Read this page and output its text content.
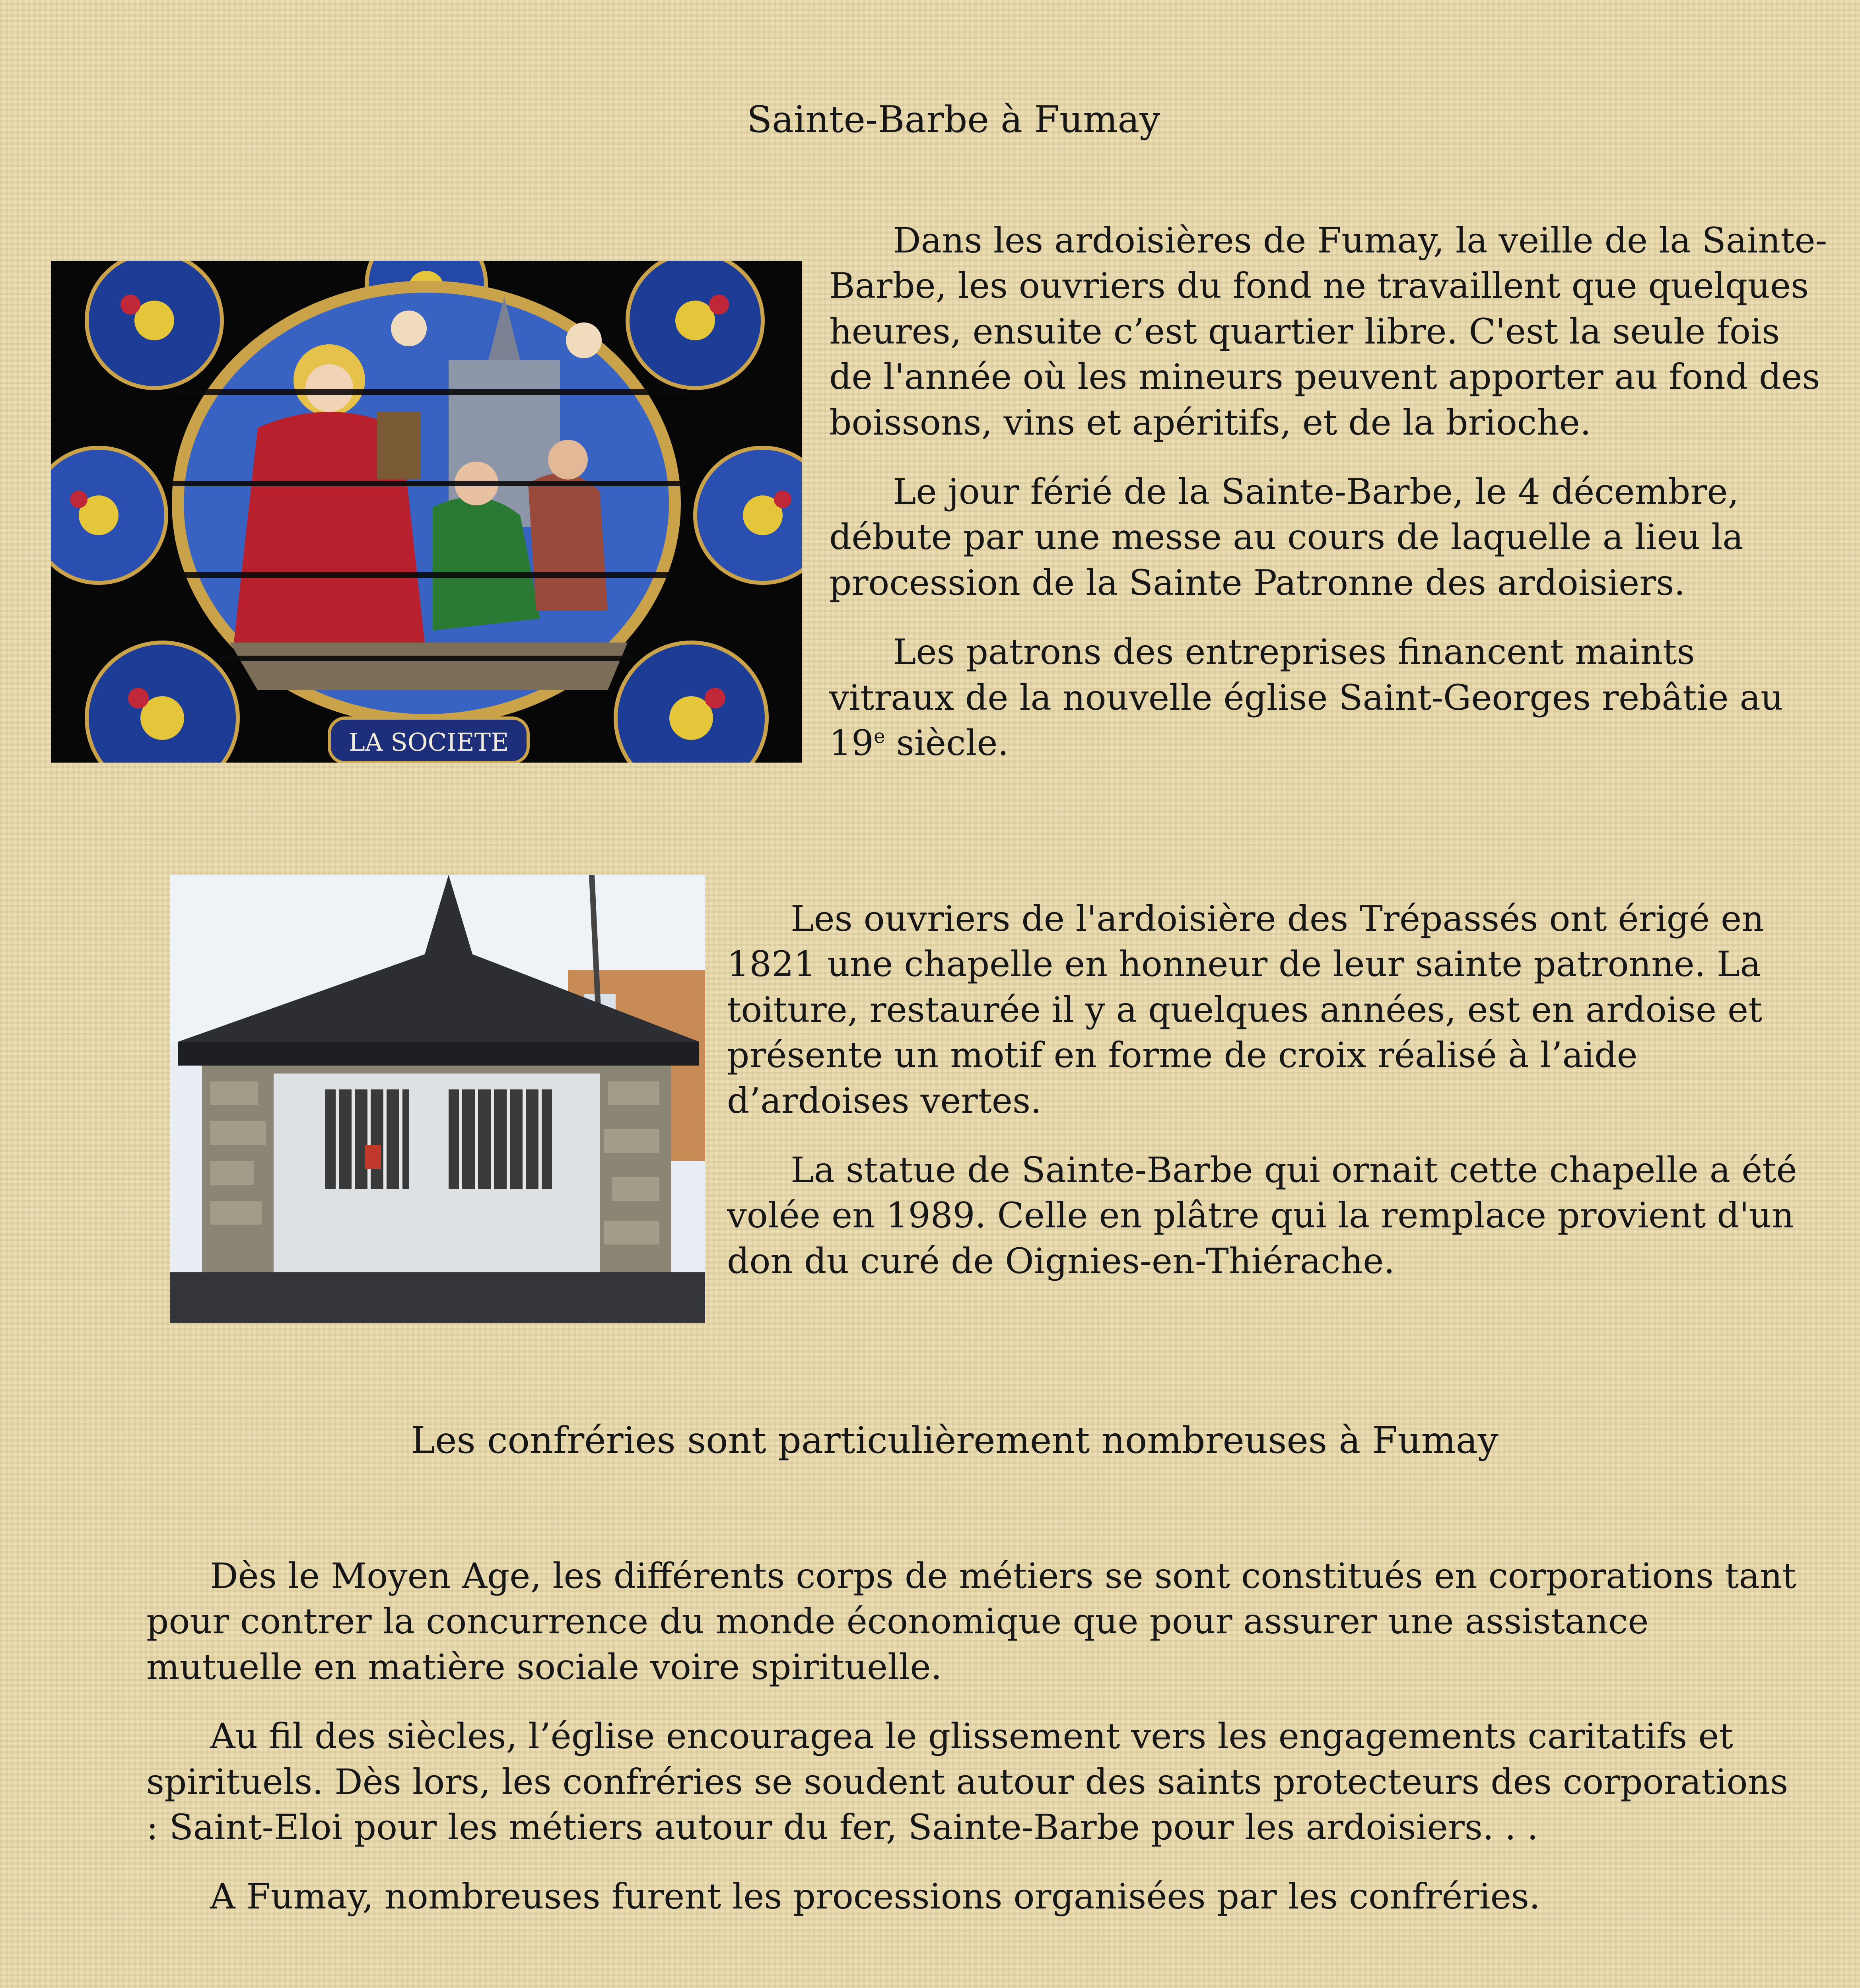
Sainte-Barbe à Fumay
LA SOCIETE

Dans les ardoisières de Fumay, la veille de la Sainte-Barbe, les ouvriers du fond ne travaillent que quelques heures, ensuite c’est quartier libre. C'est la seule fois de l'année où les mineurs peuvent apporter au fond des boissons, vins et apéritifs, et de la brioche.

Le jour férié de la Sainte-Barbe, le 4 décembre, débute par une messe au cours de laquelle a lieu la procession de la Sainte Patronne des ardoisiers.

Les patrons des entreprises financent maints vitraux de la nouvelle église Saint-Georges rebâtie au 19e siècle.

Les ouvriers de l'ardoisière des Trépassés ont érigé en 1821 une chapelle en honneur de leur sainte patronne. La toiture, restaurée il y a quelques années, est en ardoise et présente un motif en forme de croix réalisé à l’aide d’ardoises vertes.

La statue de Sainte-Barbe qui ornait cette chapelle a été volée en 1989. Celle en plâtre qui la remplace provient d'un don du curé de Oignies-en-Thiérache.

Les confréries sont particulièrement nombreuses à Fumay

Dès le Moyen Age, les différents corps de métiers se sont constitués en corporations tant pour contrer la concurrence du monde économique que pour assurer une assistance mutuelle en matière sociale voire spirituelle.

Au fil des siècles, l’église encouragea le glissement vers les engagements caritatifs et spirituels. Dès lors, les confréries se soudent autour des saints protecteurs des corporations : Saint-Eloi pour les métiers autour du fer, Sainte-Barbe pour les ardoisiers. . .

A Fumay, nombreuses furent les processions organisées par les confréries.
